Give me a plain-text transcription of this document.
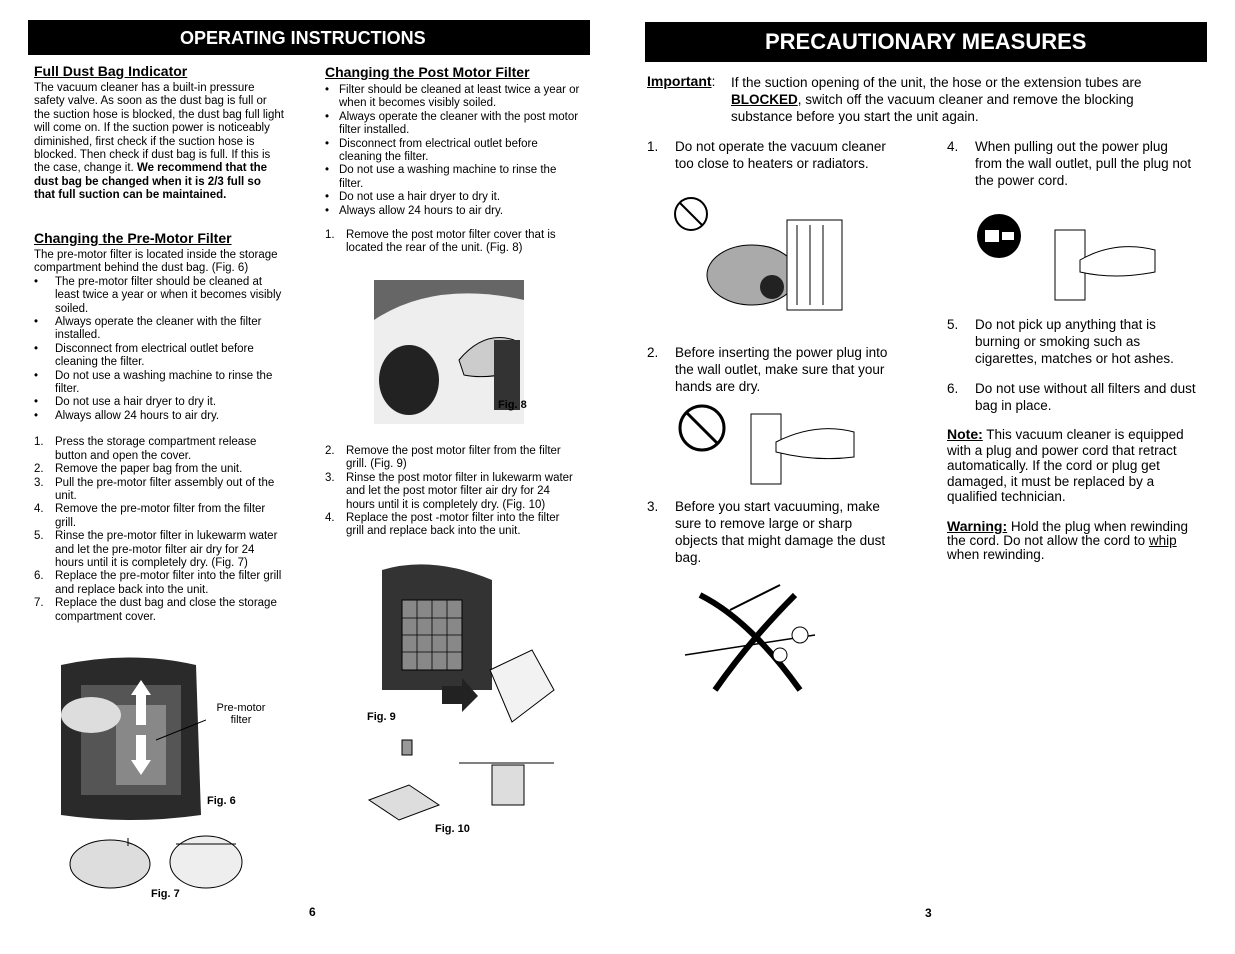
OPERATING INSTRUCTIONS
Full Dust Bag Indicator
The vacuum cleaner has a built-in pressure safety valve. As soon as the dust bag is full or the suction hose is blocked, the dust bag full light will come on. If the suction power is noticeably diminished, first check if the suction hose is blocked. Then check if dust bag is full. If this is the case, change it. We recommend that the dust bag be changed when it is 2/3 full so that full suction can be maintained.
Changing the Pre-Motor Filter
The pre-motor filter is located inside the storage compartment behind the dust bag. (Fig. 6)
• The pre-motor filter should be cleaned at least twice a year or when it becomes visibly soiled.
• Always operate the cleaner with the filter installed.
• Disconnect from electrical outlet before cleaning the filter.
• Do not use a washing machine to rinse the filter.
• Do not use a hair dryer to dry it.
• Always allow 24 hours to air dry.
1. Press the storage compartment release button and open the cover.
2. Remove the paper bag from the unit.
3. Pull the pre-motor filter assembly out of the unit.
4. Remove the pre-motor filter from the filter grill.
5. Rinse the pre-motor filter in lukewarm water and let the pre-motor filter air dry for 24 hours until it is completely dry. (Fig. 7)
6. Replace the pre-motor filter into the filter grill and replace back into the unit.
7. Replace the dust bag and close the storage compartment cover.
Pre-motor filter
Fig. 6
Fig. 7
Changing the Post Motor Filter
• Filter should be cleaned at least twice a year or when it becomes visibly soiled.
• Always operate the cleaner with the post motor filter installed.
• Disconnect from electrical outlet before cleaning the filter.
• Do not use a washing machine to rinse the filter.
• Do not use a hair dryer to dry it.
• Always allow 24 hours to air dry.
1. Remove the post motor filter cover that is located the rear of the unit. (Fig. 8)
Fig. 8
2. Remove the post motor filter from the filter grill. (Fig. 9)
3. Rinse the post motor filter in lukewarm water and let the post motor filter air dry for 24 hours until it is completely dry. (Fig. 10)
4. Replace the post -motor filter into the filter grill and replace back into the unit.
Fig. 9
Fig. 10
6
PRECAUTIONARY MEASURES
Important:	If the suction opening of the unit, the hose or the extension tubes are
BLOCKED, switch off the vacuum cleaner and remove the blocking substance before you start the unit again.
1. Do not operate the vacuum cleaner too close to heaters or radiators.
2. Before inserting the power plug into the wall outlet, make sure that your hands are dry.
3. Before you start vacuuming, make sure to remove large or sharp objects that might damage the dust bag.
4. When pulling out the power plug from the wall outlet, pull the plug not the power cord.
5. Do not pick up anything that is burning or smoking such as cigarettes, matches or hot ashes.
6. Do not use without all filters and dust bag in place.
Note: This vacuum cleaner is equipped with a plug and power cord that retract automatically. If the cord or plug get damaged, it must be replaced by a qualified technician.
Warning: Hold the plug when rewinding the cord. Do not allow the cord to whip when rewinding.
3
